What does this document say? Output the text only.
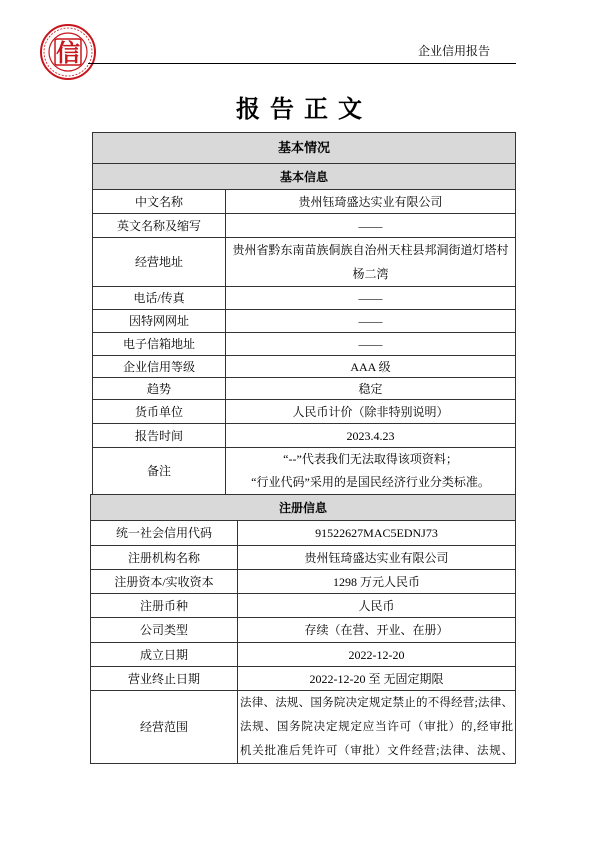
信	企业信用报告
报 告 正 文
基本情况	
基本信息	
中文名称	贵州钰琦盛达实业有限公司
英文名称及缩写	——
经营地址	贵州省黔东南苗族侗族自治州天柱县邦洞街道灯塔村
杨二湾

电话/传真	——
因特网网址	——
电子信箱地址	——
企业信用等级	AAA 级
趋势	稳定
货币单位	人民币计价（除非特别说明）
报告时间	2023.4.23
备注	“--”代表我们无法取得该项资料；
“行业代码”采用的是国民经济行业分类标准。
注册信息	
统一社会信用代码	91522627MAC5EDNJ73
注册机构名称	贵州钰琦盛达实业有限公司
注册资本/实收资本	1298 万元人民币
注册币种	人民币
公司类型	存续（在营、开业、在册）
成立日期	2022-12-20
营业终止日期	2022-12-20 至 无固定期限
经营范围	法律、法规、国务院决定规定禁止的不得经营;法律、
法规、国务院决定规定应当许可（审批）的,经审批
机关批准后凭许可（审批）文件经营;法律、法规、
